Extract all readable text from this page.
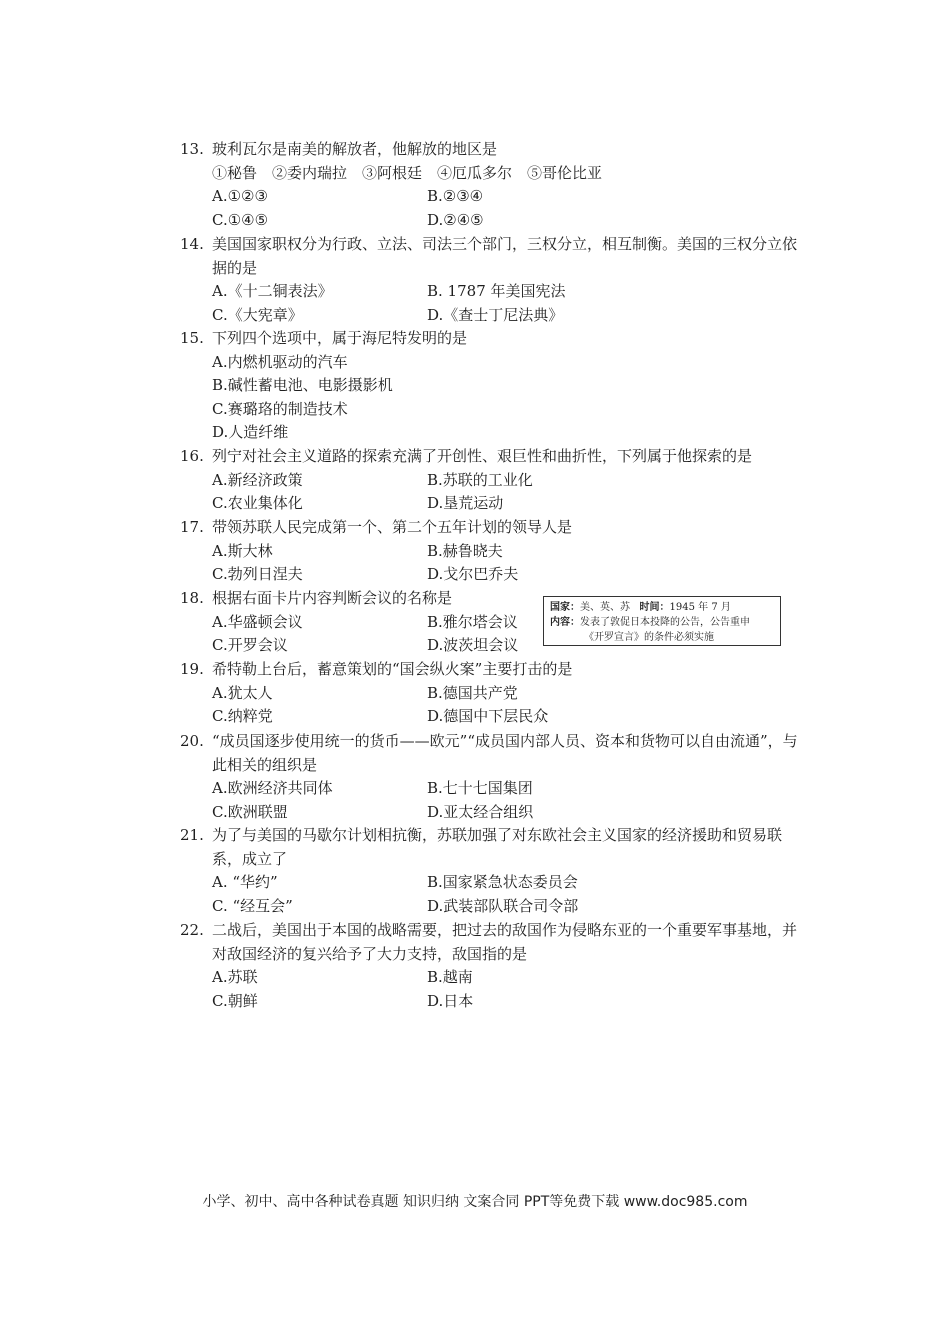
13. 玻利瓦尔是南美的解放者，他解放的地区是
①秘鲁　②委内瑞拉　③阿根廷　④厄瓜多尔　⑤哥伦比亚
A.①②③	B.②③④
C.①④⑤	D.②④⑤
14. 美国国家职权分为行政、立法、司法三个部门，三权分立，相互制衡。美国的三权分立依据的是
A.《十二铜表法》	B. 1787 年美国宪法
C.《大宪章》	D.《查士丁尼法典》
15. 下列四个选项中，属于海尼特发明的是
A.内燃机驱动的汽车
B.碱性蓄电池、电影摄影机
C.赛璐珞的制造技术
D.人造纤维
16. 列宁对社会主义道路的探索充满了开创性、艰巨性和曲折性，下列属于他探索的是
A.新经济政策	B.苏联的工业化
C.农业集体化	D.垦荒运动
17. 带领苏联人民完成第一个、第二个五年计划的领导人是
A.斯大林	B.赫鲁晓夫
C.勃列日涅夫	D.戈尔巴乔夫
18. 根据右面卡片内容判断会议的名称是
A.华盛顿会议	B.雅尔塔会议
C.开罗会议	D.波茨坦会议
国家：美、英、苏 时间：1945 年 7 月
内容：发表了敦促日本投降的公告，公告重申
《开罗宣言》的条件必须实施
19. 希特勒上台后，蓄意策划的“国会纵火案”主要打击的是
A.犹太人	B.德国共产党
C.纳粹党	D.德国中下层民众
20. “成员国逐步使用统一的货币——欧元”“成员国内部人员、资本和货物可以自由流通”，与此相关的组织是
A.欧洲经济共同体	B.七十七国集团
C.欧洲联盟	D.亚太经合组织
21. 为了与美国的马歇尔计划相抗衡，苏联加强了对东欧社会主义国家的经济援助和贸易联系，成立了
A. “华约”	B.国家紧急状态委员会
C. “经互会”	D.武装部队联合司令部
22. 二战后，美国出于本国的战略需要，把过去的敌国作为侵略东亚的一个重要军事基地，并对敌国经济的复兴给予了大力支持，敌国指的是
A.苏联	B.越南
C.朝鲜	D.日本
小学、初中、高中各种试卷真题 知识归纳 文案合同 PPT等免费下载 www.doc985.com
